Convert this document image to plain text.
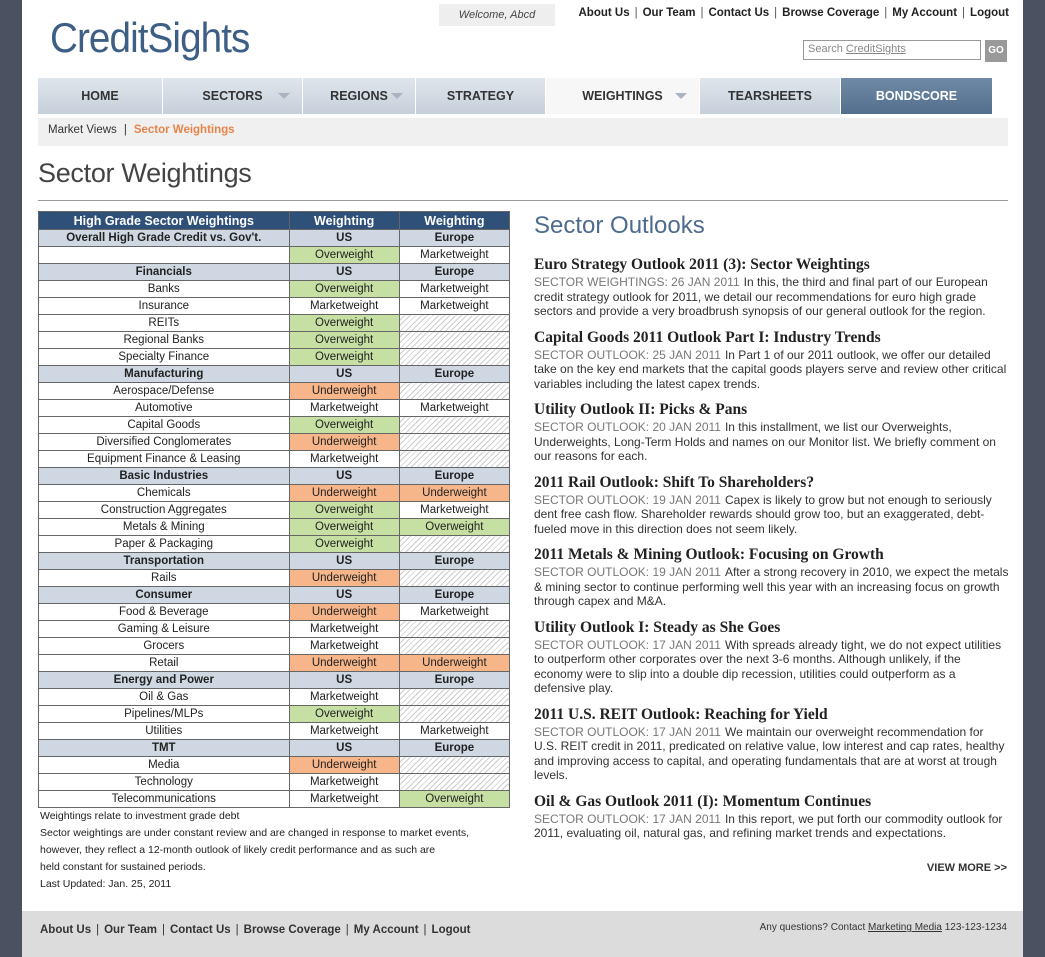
CreditSights	Welcome, Abcd	About Us | Our Team | Contact Us | Browse Coverage | My Account | Logout
Search CreditSights	GO
HOME	SECTORS	REGIONS	STRATEGY	WEIGHTINGS	TEARSHEETS	BONDSCORE
Market Views | Sector Weightings
Sector Weightings
High Grade Sector Weightings	Weighting	Weighting
Overall High Grade Credit vs. Gov't.	US	Europe
	Overweight	Marketweight
Financials	US	Europe
Banks	Overweight	Marketweight
Insurance	Marketweight	Marketweight
REITs	Overweight	
Regional Banks	Overweight	
Specialty Finance	Overweight	
Manufacturing	US	Europe
Aerospace/Defense	Underweight	
Automotive	Marketweight	Marketweight
Capital Goods	Overweight	
Diversified Conglomerates	Underweight	
Equipment Finance & Leasing	Marketweight	
Basic Industries	US	Europe
Chemicals	Underweight	Underweight
Construction Aggregates	Overweight	Marketweight
Metals & Mining	Overweight	Overweight
Paper & Packaging	Overweight	
Transportation	US	Europe
Rails	Underweight	
Consumer	US	Europe
Food & Beverage	Underweight	Marketweight
Gaming & Leisure	Marketweight	
Grocers	Marketweight	
Retail	Underweight	Underweight
Energy and Power	US	Europe
Oil & Gas	Marketweight	
Pipelines/MLPs	Overweight	
Utilities	Marketweight	Marketweight
TMT	US	Europe
Media	Underweight	
Technology	Marketweight	
Telecommunications	Marketweight	Overweight
Weightings relate to investment grade debt
Sector weightings are under constant review and are changed in response to market events,
however, they reflect a 12-month outlook of likely credit performance and as such are
held constant for sustained periods.
Last Updated: Jan. 25, 2011
Sector Outlooks
Euro Strategy Outlook 2011 (3): Sector Weightings

SECTOR WEIGHTINGS: 26 JAN 2011 In this, the third and final part of our European credit strategy outlook for 2011, we detail our recommendations for euro high grade sectors and provide a very broadbrush synopsis of our general outlook for the region.

Capital Goods 2011 Outlook Part I: Industry Trends

SECTOR OUTLOOK: 25 JAN 2011 In Part 1 of our 2011 outlook, we offer our detailed take on the key end markets that the capital goods players serve and review other critical variables including the latest capex trends.

Utility Outlook II: Picks & Pans

SECTOR OUTLOOK: 20 JAN 2011 In this installment, we list our Overweights, Underweights, Long-Term Holds and names on our Monitor list. We briefly comment on our reasons for each.

2011 Rail Outlook: Shift To Shareholders?

SECTOR OUTLOOK: 19 JAN 2011 Capex is likely to grow but not enough to seriously dent free cash flow. Shareholder rewards should grow too, but an exaggerated, debt-fueled move in this direction does not seem likely.

2011 Metals & Mining Outlook: Focusing on Growth

SECTOR OUTLOOK: 19 JAN 2011 After a strong recovery in 2010, we expect the metals & mining sector to continue performing well this year with an increasing focus on growth through capex and M&A.

Utility Outlook I: Steady as She Goes

SECTOR OUTLOOK: 17 JAN 2011 With spreads already tight, we do not expect utilities to outperform other corporates over the next 3-6 months. Although unlikely, if the economy were to slip into a double dip recession, utilities could outperform as a defensive play.

2011 U.S. REIT Outlook: Reaching for Yield

SECTOR OUTLOOK: 17 JAN 2011 We maintain our overweight recommendation for U.S. REIT credit in 2011, predicated on relative value, low interest and cap rates, healthy and improving access to capital, and operating fundamentals that are at worst at trough levels.

Oil & Gas Outlook 2011 (I): Momentum Continues

SECTOR OUTLOOK: 17 JAN 2011 In this report, we put forth our commodity outlook for 2011, evaluating oil, natural gas, and refining market trends and expectations.

VIEW MORE >>
About Us | Our Team | Contact Us | Browse Coverage | My Account | Logout	Any questions? Contact Marketing Media 123-123-1234
